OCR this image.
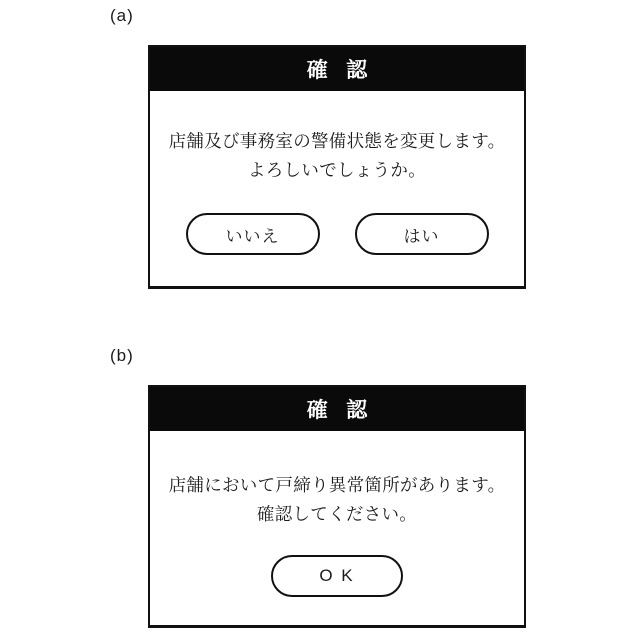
(a)
確 認
店舗及び事務室の警備状態を変更します。
よろしいでしょうか。
いいえ	はい
(b)
確 認
店舗において戸締り異常箇所があります。
確認してください。
O K
